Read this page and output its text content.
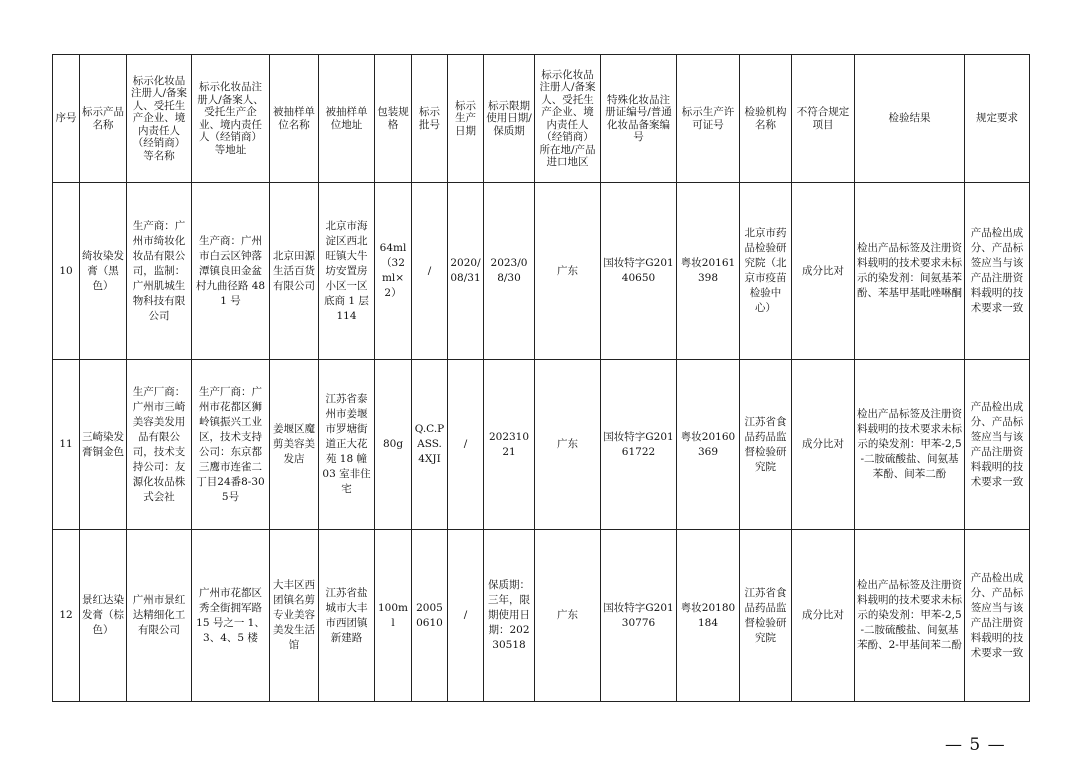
序号	标示产品名称	标示化妆品注册人/备案人、受托生产企业、境内责任人（经销商）等名称	标示化妆品注册人/备案人、受托生产企业、境内责任人（经销商）等地址	被抽样单位名称	被抽样单位地址	包装规格	标示批号	标示生产日期	标示限期使用日期/保质期	标示化妆品注册人/备案人、受托生产企业、境内责任人（经销商）所在地/产品进口地区	特殊化妆品注册证编号/普通化妆品备案编号	标示生产许可证号	检验机构名称	不符合规定项目	检验结果	规定要求
10	绮妆染发膏（黑色）	生产商：广州市绮妆化妆品有限公司，监制：广州肌城生物科技有限公司	生产商：广州市白云区钟落潭镇良田金盆村九曲径路 481 号	北京田源生活百货有限公司	北京市海淀区西北旺镇大牛坊安置房小区一区底商 1 层 114	64ml（32ml×2）	/	2020/08/31	2023/08/30	广东	国妆特字G20140650	粤妆20161398	北京市药品检验研究院（北京市疫苗检验中心）	成分比对	检出产品标签及注册资料载明的技术要求未标示的染发剂：间氨基苯酚、苯基甲基吡唑啉酮	产品检出成分、产品标签应当与该产品注册资料载明的技术要求一致
11	三崎染发膏铜金色	生产厂商：广州市三崎美容美发用品有限公司，技术支持公司：友源化妆品株式会社	生产厂商：广州市花都区狮岭镇振兴工业区，技术支持公司：东京都三鹰市连雀二丁目24番8-305号	姜堰区魔剪美容美发店	江苏省泰州市姜堰市罗塘街道正大花苑 18 幢 03 室非住宅	80g	Q.C.PASS.4XJI	/	20231021	广东	国妆特字G20161722	粤妆20160369	江苏省食品药品监督检验研究院	成分比对	检出产品标签及注册资料载明的技术要求未标示的染发剂：甲苯-2,5-二胺硫酸盐、间氨基苯酚、间苯二酚	产品检出成分、产品标签应当与该产品注册资料载明的技术要求一致
12	景红达染发膏（棕色）	广州市景红达精细化工有限公司	广州市花都区秀全街拥军路 15 号之一 1、3、4、5 楼	大丰区西团镇名剪专业美容美发生活馆	江苏省盐城市大丰市西团镇新建路	100ml	20050610	/	保质期：三年，限期使用日期：20230518	广东	国妆特字G20130776	粤妆20180184	江苏省食品药品监督检验研究院	成分比对	检出产品标签及注册资料载明的技术要求未标示的染发剂：甲苯-2,5-二胺硫酸盐、间氨基苯酚、2-甲基间苯二酚	产品检出成分、产品标签应当与该产品注册资料载明的技术要求一致
— 5 —
